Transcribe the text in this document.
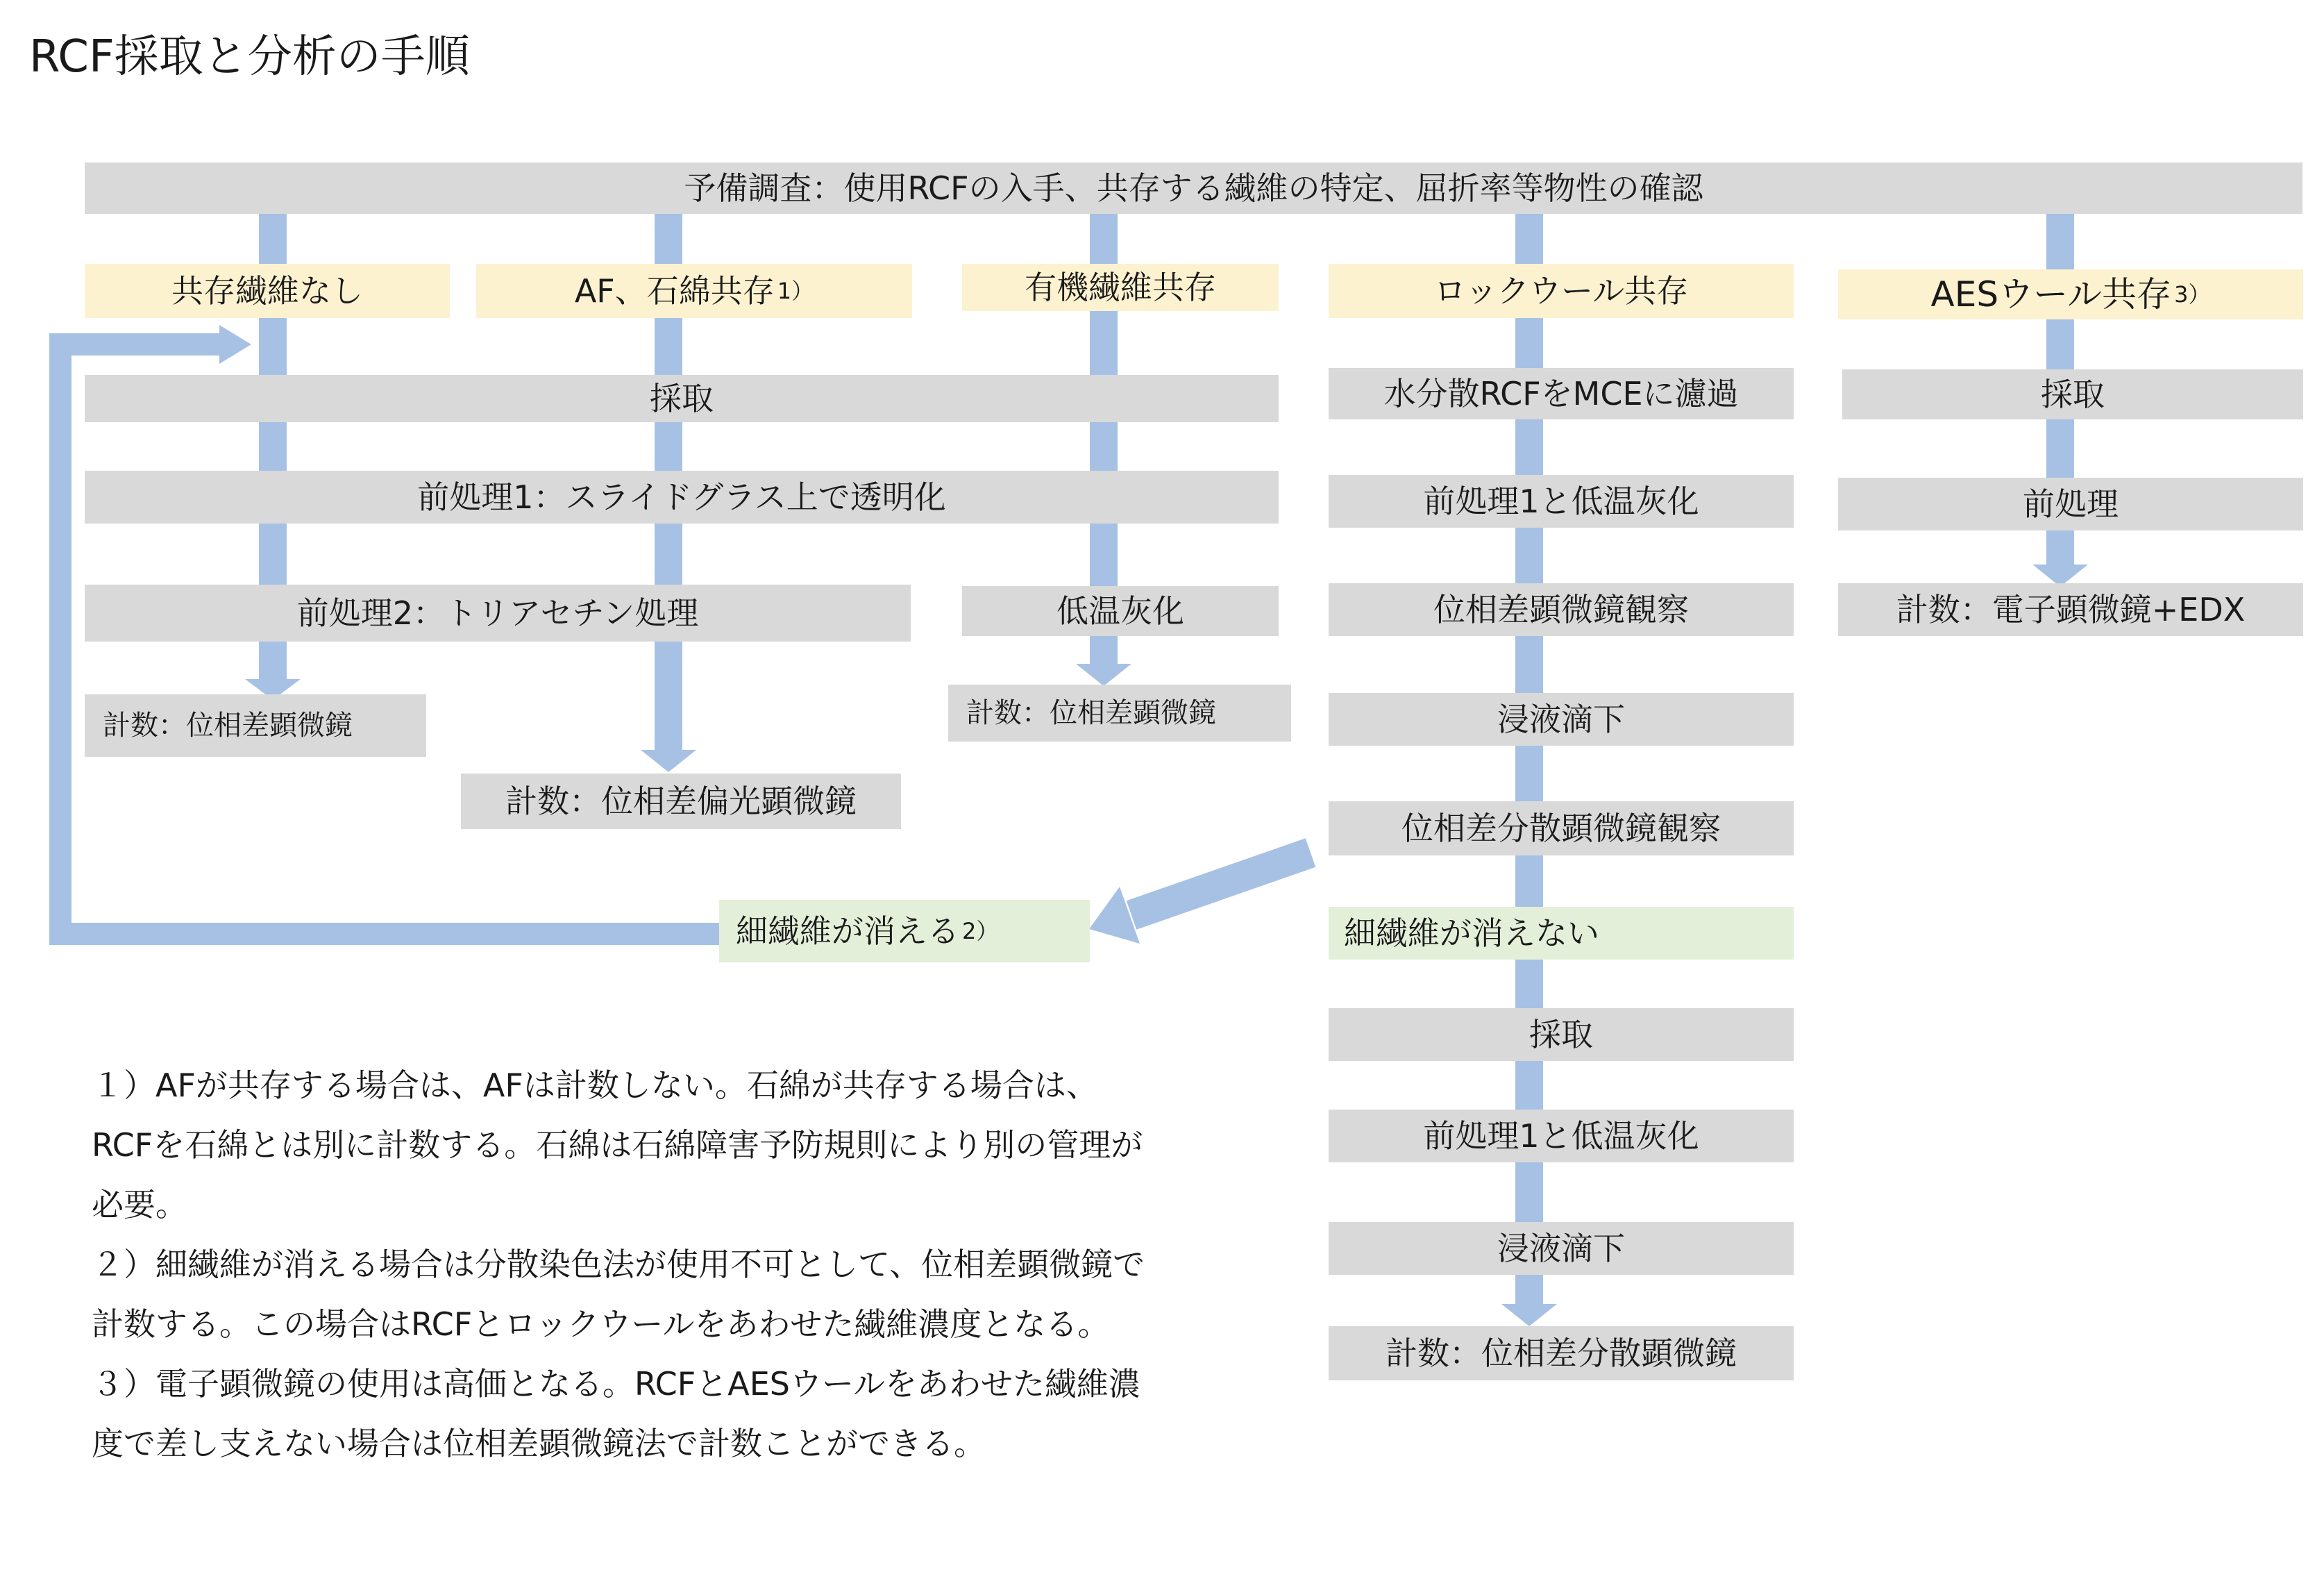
RCF採取と分析の手順
予備調査：使用RCFの入手、共存する繊維の特定、屈折率等物性の確認
共存繊維なし	AF、石綿共存 1）	有機繊維共存	ロックウール共存	AESウール共存 3）
採取
前処理1：スライドグラス上で透明化
前処理2：トリアセチン処理	低温灰化
計数：位相差顕微鏡	計数：位相差顕微鏡
計数：位相差偏光顕微鏡
水分散RCFをMCEに濾過
前処理1と低温灰化
位相差顕微鏡観察
浸液滴下
位相差分散顕微鏡観察
細繊維が消える 2）	細繊維が消えない
採取
前処理1と低温灰化
浸液滴下
計数：位相差分散顕微鏡
採取
前処理
計数：電子顕微鏡+EDX
１）AFが共存する場合は、AFは計数しない。石綿が共存する場合は、
RCFを石綿とは別に計数する。石綿は石綿障害予防規則により別の管理が
必要。
２）細繊維が消える場合は分散染色法が使用不可として、位相差顕微鏡で
計数する。この場合はRCFとロックウールをあわせた繊維濃度となる。
３）電子顕微鏡の使用は高価となる。RCFとAESウールをあわせた繊維濃
度で差し支えない場合は位相差顕微鏡法で計数ことができる。
